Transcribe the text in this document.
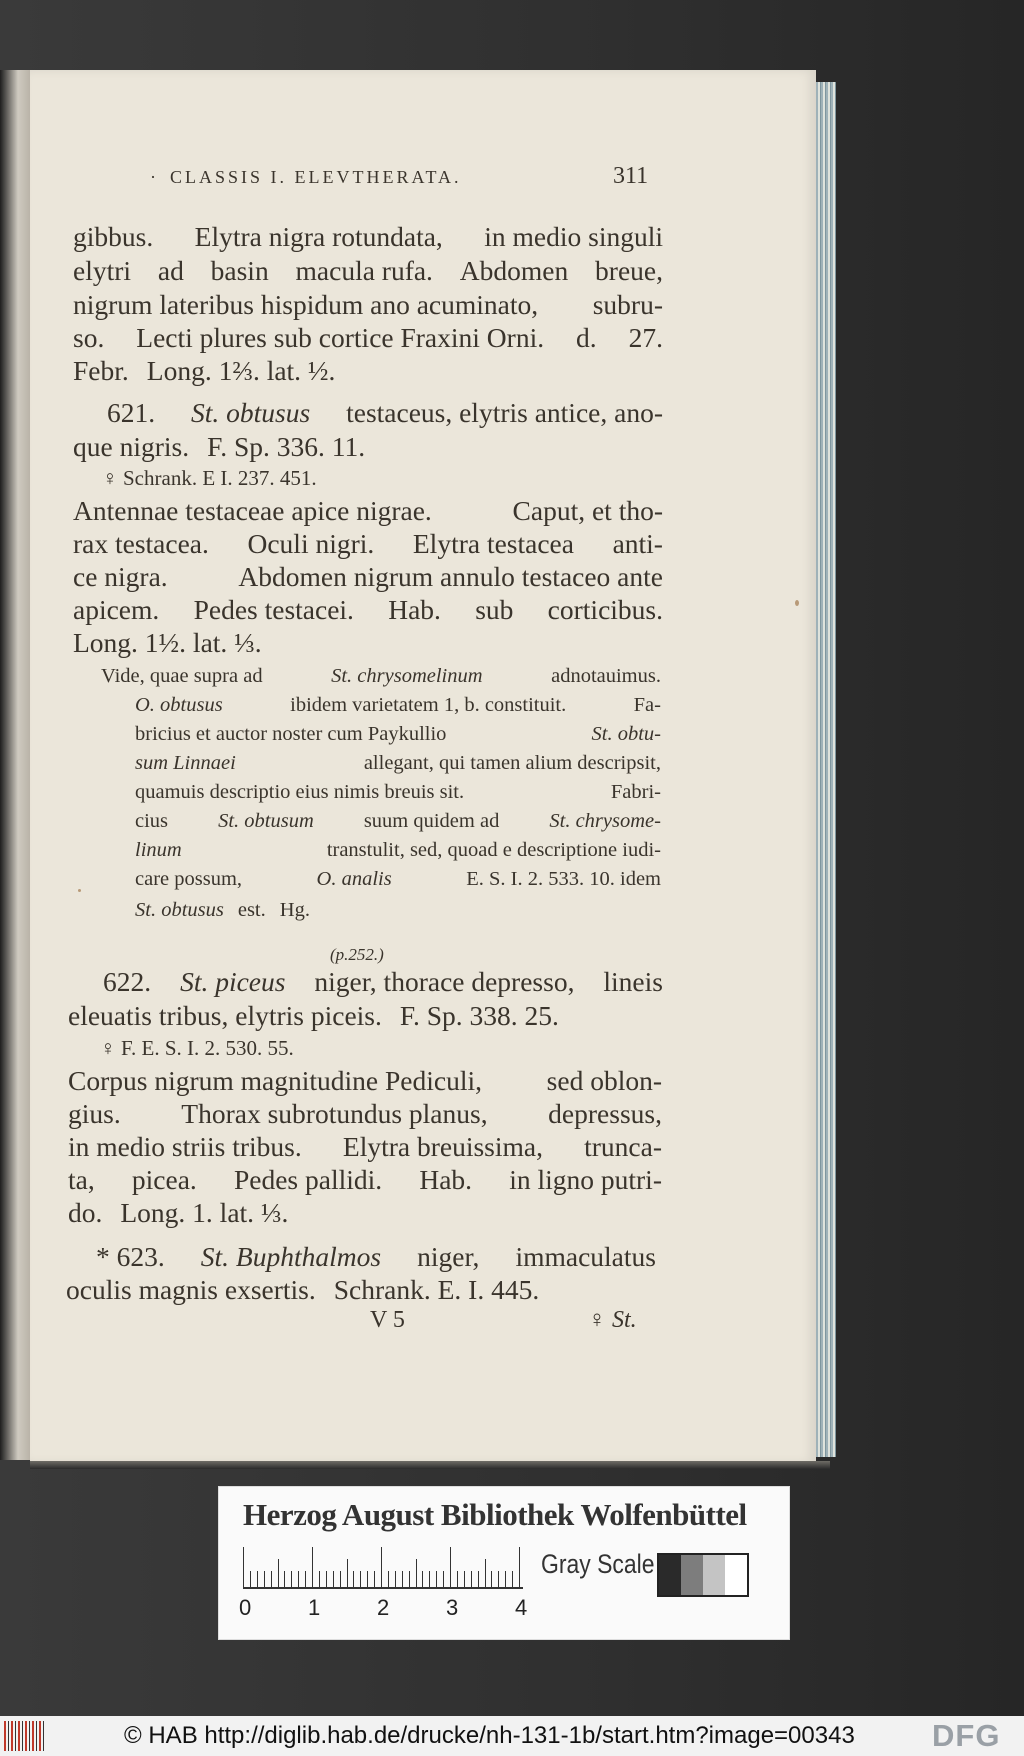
· CLASSIS I. ELEVTHERATA.	311
gibbus. Elytra nigra rotundata, in medio singuli
elytri ad basin macula rufa. Abdomen breue,
nigrum lateribus hispidum ano acuminato, subru-
so. Lecti plures sub cortice Fraxini Orni. d. 27.
Febr. Long. 1⅔. lat. ½.
621. St. obtusus testaceus, elytris antice, ano-
que nigris. F. Sp. 336. 11.
♀ Schrank. E I. 237. 451.
Antennae testaceae apice nigrae.	Caput, et tho-
rax testacea. Oculi nigri. Elytra testacea anti-
ce nigra.	Abdomen nigrum annulo testaceo ante
apicem. Pedes testacei. Hab. sub corticibus.
Long. 1½. lat. ⅓.
Vide, quae supra ad	St. chrysomelinum	adnotauimus.
O. obtusus	ibidem varietatem 1, b. constituit.	Fa-
bricius et auctor noster cum Paykullio	St. obtu-
sum Linnaei	allegant, qui tamen alium descripsit,
quamuis descriptio eius nimis breuis sit.	Fabri-
cius St. obtusum suum quidem ad St. chrysome-
linum	transtulit, sed, quoad e descriptione iudi-
care possum,	O. analis	E. S. I. 2. 533. 10. idem
St. obtusus est. Hg.
(p.252.)
622. St. piceus niger, thorace depresso, lineis
eleuatis tribus, elytris piceis. F. Sp. 338. 25.
♀ F. E. S. I. 2. 530. 55.
Corpus nigrum magnitudine Pediculi, sed oblon-
gius. Thorax subrotundus planus, depressus,
in medio striis tribus. Elytra breuissima, trunca-
ta, picea. Pedes pallidi. Hab. in ligno putri-
do. Long. 1. lat. ⅓.
* 623. St. Buphthalmos niger, immaculatus
oculis magnis exsertis. Schrank. E. I. 445.
V 5	♀ St.
Herzog August Bibliothek Wolfenbüttel
0	1	2	3	4
Gray Scale
© HAB http://diglib.hab.de/drucke/nh-131-1b/start.htm?image=00343 DFG
